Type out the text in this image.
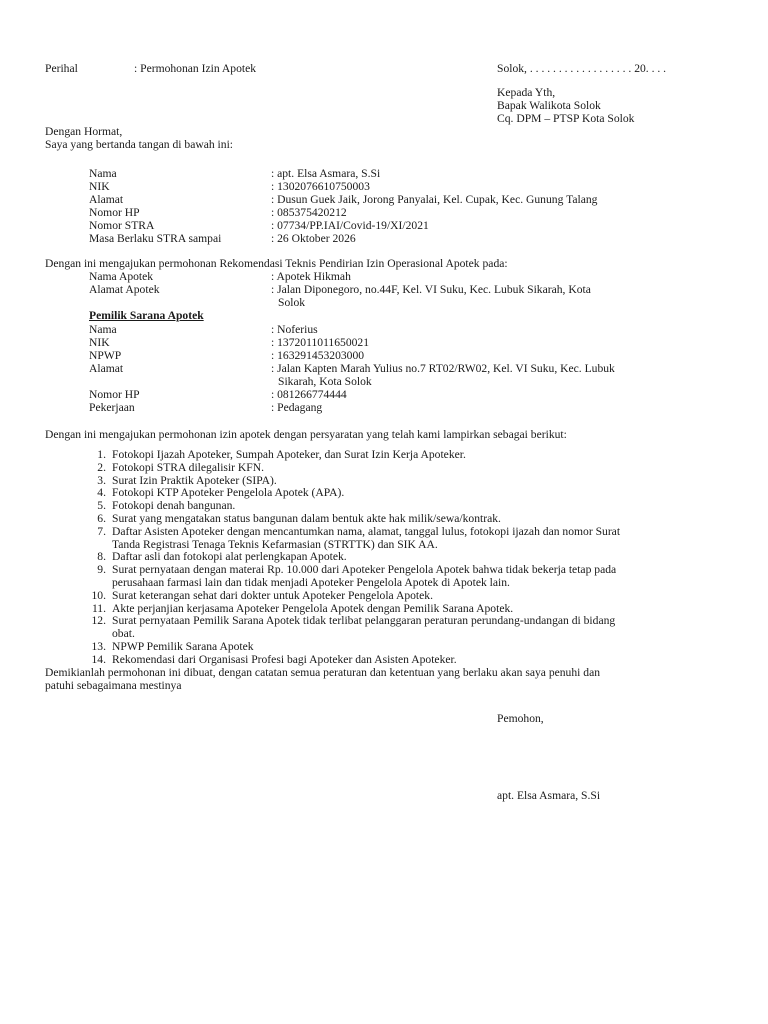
Perihal	: Permohonan Izin Apotek	Solok, . . . . . . . . . . . . . . . . . . 20. . . .
Kepada Yth,
Bapak Walikota Solok
Cq. DPM – PTSP Kota Solok
Dengan Hormat,
Saya yang bertanda tangan di bawah ini:
Nama	: apt. Elsa Asmara, S.Si
NIK	: 1302076610750003
Alamat	: Dusun Guek Jaik, Jorong Panyalai, Kel. Cupak, Kec. Gunung Talang
Nomor HP	: 085375420212
Nomor STRA	: 07734/PP.IAI/Covid-19/XI/2021
Masa Berlaku STRA sampai	: 26 Oktober 2026
Dengan ini mengajukan permohonan Rekomendasi Teknis Pendirian Izin Operasional Apotek pada:
Nama Apotek	: Apotek Hikmah
Alamat Apotek	: Jalan Diponegoro, no.44F, Kel. VI Suku, Kec. Lubuk Sikarah, Kota
Solok
Pemilik Sarana Apotek
Nama	: Noferius
NIK	: 1372011011650021
NPWP	: 163291453203000
Alamat	: Jalan Kapten Marah Yulius no.7 RT02/RW02, Kel. VI Suku, Kec. Lubuk
Sikarah, Kota Solok
Nomor HP	: 081266774444
Pekerjaan	: Pedagang
Dengan ini mengajukan permohonan izin apotek dengan persyaratan yang telah kami lampirkan sebagai berikut:
1. Fotokopi Ijazah Apoteker, Sumpah Apoteker, dan Surat Izin Kerja Apoteker.
2. Fotokopi STRA dilegalisir KFN.
3. Surat Izin Praktik Apoteker (SIPA).
4. Fotokopi KTP Apoteker Pengelola Apotek (APA).
5. Fotokopi denah bangunan.
6. Surat yang mengatakan status bangunan dalam bentuk akte hak milik/sewa/kontrak.
7. Daftar Asisten Apoteker dengan mencantumkan nama, alamat, tanggal lulus, fotokopi ijazah dan nomor Surat
Tanda Registrasi Tenaga Teknis Kefarmasian (STRTTK) dan SIK AA.
8. Daftar asli dan fotokopi alat perlengkapan Apotek.
9. Surat pernyataan dengan materai Rp. 10.000 dari Apoteker Pengelola Apotek bahwa tidak bekerja tetap pada
perusahaan farmasi lain dan tidak menjadi Apoteker Pengelola Apotek di Apotek lain.
10. Surat keterangan sehat dari dokter untuk Apoteker Pengelola Apotek.
11. Akte perjanjian kerjasama Apoteker Pengelola Apotek dengan Pemilik Sarana Apotek.
12. Surat pernyataan Pemilik Sarana Apotek tidak terlibat pelanggaran peraturan perundang-undangan di bidang
obat.
13. NPWP Pemilik Sarana Apotek
14. Rekomendasi dari Organisasi Profesi bagi Apoteker dan Asisten Apoteker.
Demikianlah permohonan ini dibuat, dengan catatan semua peraturan dan ketentuan yang berlaku akan saya penuhi dan
patuhi sebagaimana mestinya
Pemohon,
apt. Elsa Asmara, S.Si
